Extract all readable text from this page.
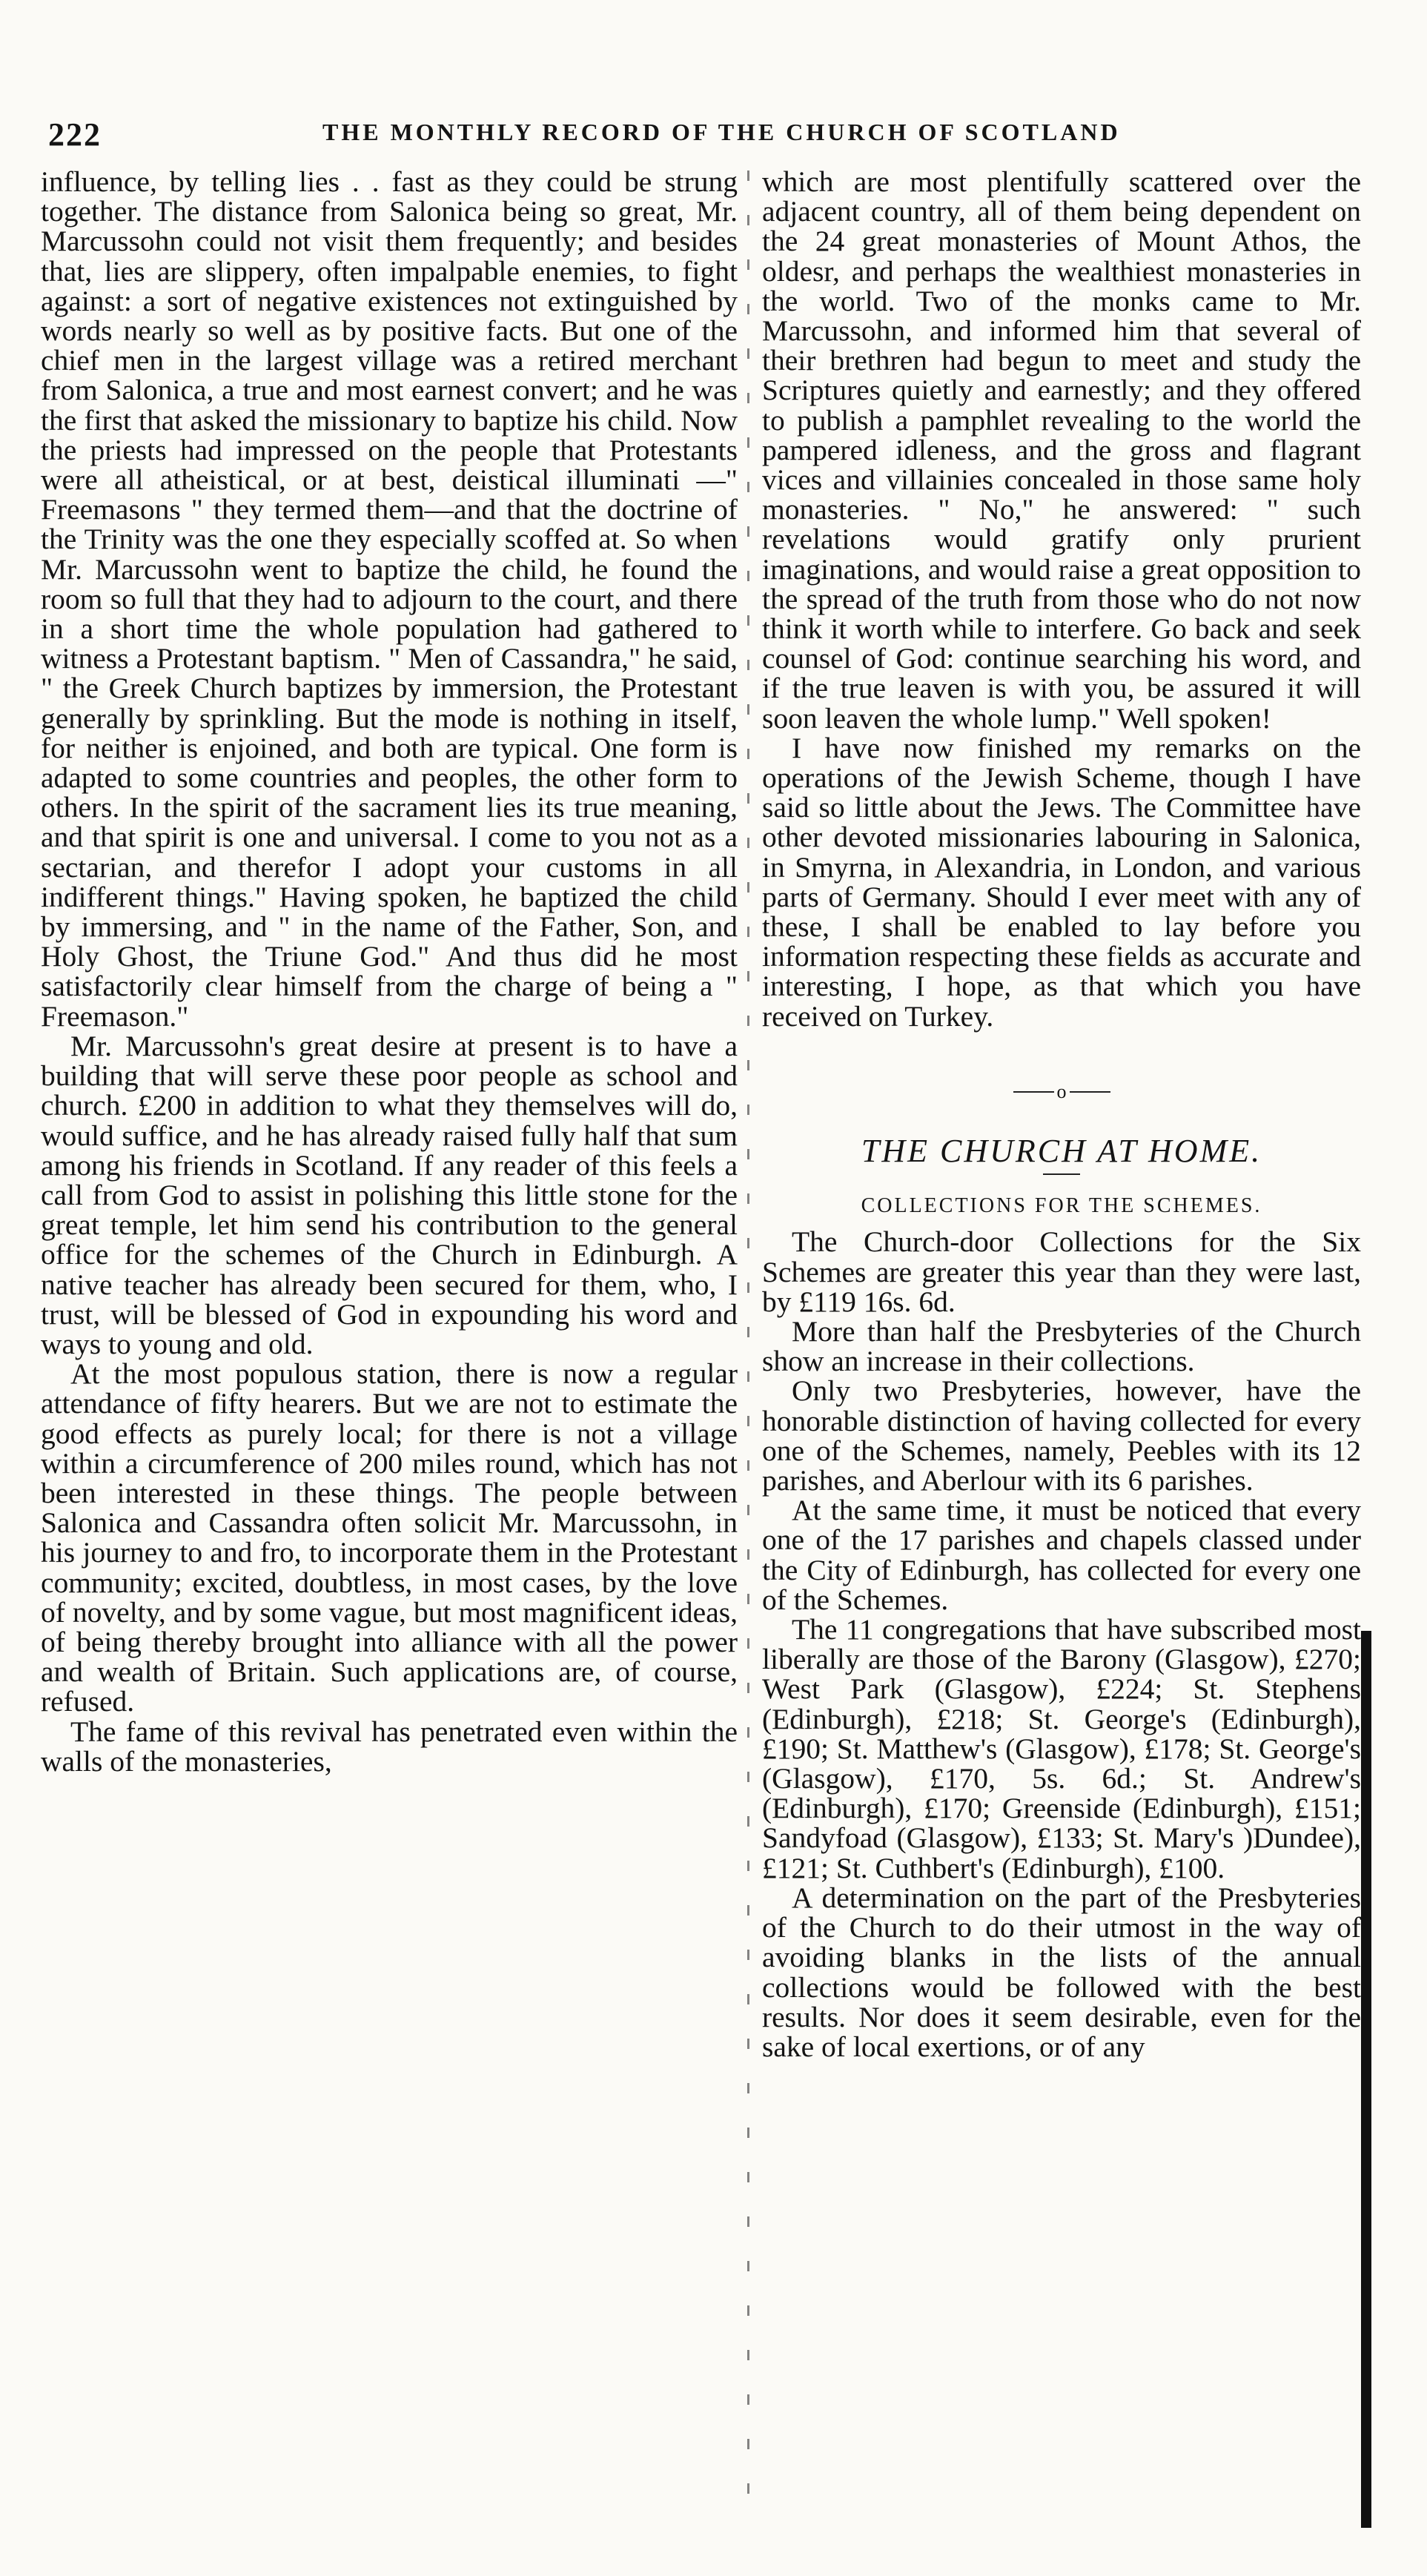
222	THE MONTHLY RECORD OF THE CHURCH OF SCOTLAND

influence, by telling lies . . fast as they could be strung together. The distance from Salonica being so great, Mr. Marcussohn could not visit them frequently; and besides that, lies are slippery, often impalpable enemies, to fight against: a sort of negative existences not extinguished by words nearly so well as by positive facts. But one of the chief men in the largest village was a retired merchant from Salonica, a true and most earnest convert; and he was the first that asked the missionary to baptize his child. Now the priests had impressed on the people that Protestants were all atheistical, or at best, deistical illuminati —" Freemasons " they termed them—and that the doctrine of the Trinity was the one they especially scoffed at. So when Mr. Marcussohn went to baptize the child, he found the room so full that they had to adjourn to the court, and there in a short time the whole population had gathered to witness a Protestant baptism. " Men of Cassandra," he said, " the Greek Church baptizes by immersion, the Protestant generally by sprinkling. But the mode is nothing in itself, for neither is enjoined, and both are typical. One form is adapted to some countries and peoples, the other form to others. In the spirit of the sacrament lies its true meaning, and that spirit is one and universal. I come to you not as a sectarian, and therefor I adopt your customs in all indifferent things." Having spoken, he baptized the child by immersing, and " in the name of the Father, Son, and Holy Ghost, the Triune God." And thus did he most satisfactorily clear himself from the charge of being a " Freemason."

Mr. Marcussohn's great desire at present is to have a building that will serve these poor people as school and church. £200 in addition to what they themselves will do, would suffice, and he has already raised fully half that sum among his friends in Scotland. If any reader of this feels a call from God to assist in polishing this little stone for the great temple, let him send his contribution to the general office for the schemes of the Church in Edinburgh. A native teacher has already been secured for them, who, I trust, will be blessed of God in expounding his word and ways to young and old.

At the most populous station, there is now a regular attendance of fifty hearers. But we are not to estimate the good effects as purely local; for there is not a village within a circumference of 200 miles round, which has not been interested in these things. The people between Salonica and Cassandra often solicit Mr. Marcussohn, in his journey to and fro, to incorporate them in the Protestant community; excited, doubtless, in most cases, by the love of novelty, and by some vague, but most magnificent ideas, of being thereby brought into alliance with all the power and wealth of Britain. Such applications are, of course, refused.

The fame of this revival has penetrated even within the walls of the monasteries,

which are most plentifully scattered over the adjacent country, all of them being dependent on the 24 great monasteries of Mount Athos, the oldesr, and perhaps the wealthiest monasteries in the world. Two of the monks came to Mr. Marcussohn, and informed him that several of their brethren had begun to meet and study the Scriptures quietly and earnestly; and they offered to publish a pamphlet revealing to the world the pampered idleness, and the gross and flagrant vices and villainies concealed in those same holy monasteries. " No," he answered: " such revelations would gratify only prurient imaginations, and would raise a great opposition to the spread of the truth from those who do not now think it worth while to interfere. Go back and seek counsel of God: continue searching his word, and if the true leaven is with you, be assured it will soon leaven the whole lump." Well spoken!

I have now finished my remarks on the operations of the Jewish Scheme, though I have said so little about the Jews. The Committee have other devoted missionaries labouring in Salonica, in Smyrna, in Alexandria, in London, and various parts of Germany. Should I ever meet with any of these, I shall be enabled to lay before you information respecting these fields as accurate and interesting, I hope, as that which you have received on Turkey.

o
THE CHURCH AT HOME.
COLLECTIONS FOR THE SCHEMES.

The Church-door Collections for the Six Schemes are greater this year than they were last, by £119 16s. 6d.

More than half the Presbyteries of the Church show an increase in their collections.

Only two Presbyteries, however, have the honorable distinction of having collected for every one of the Schemes, namely, Peebles with its 12 parishes, and Aberlour with its 6 parishes.

At the same time, it must be noticed that every one of the 17 parishes and chapels classed under the City of Edinburgh, has collected for every one of the Schemes.

The 11 congregations that have subscribed most liberally are those of the Barony (Glasgow), £270; West Park (Glasgow), £224; St. Stephens (Edinburgh), £218; St. George's (Edinburgh), £190; St. Matthew's (Glasgow), £178; St. George's (Glasgow), £170, 5s. 6d.; St. Andrew's (Edinburgh), £170; Greenside (Edinburgh), £151; Sandyfoad (Glasgow), £133; St. Mary's )Dundee), £121; St. Cuthbert's (Edinburgh), £100.

A determination on the part of the Presbyteries of the Church to do their utmost in the way of avoiding blanks in the lists of the annual collections would be followed with the best results. Nor does it seem desirable, even for the sake of local exertions, or of any
